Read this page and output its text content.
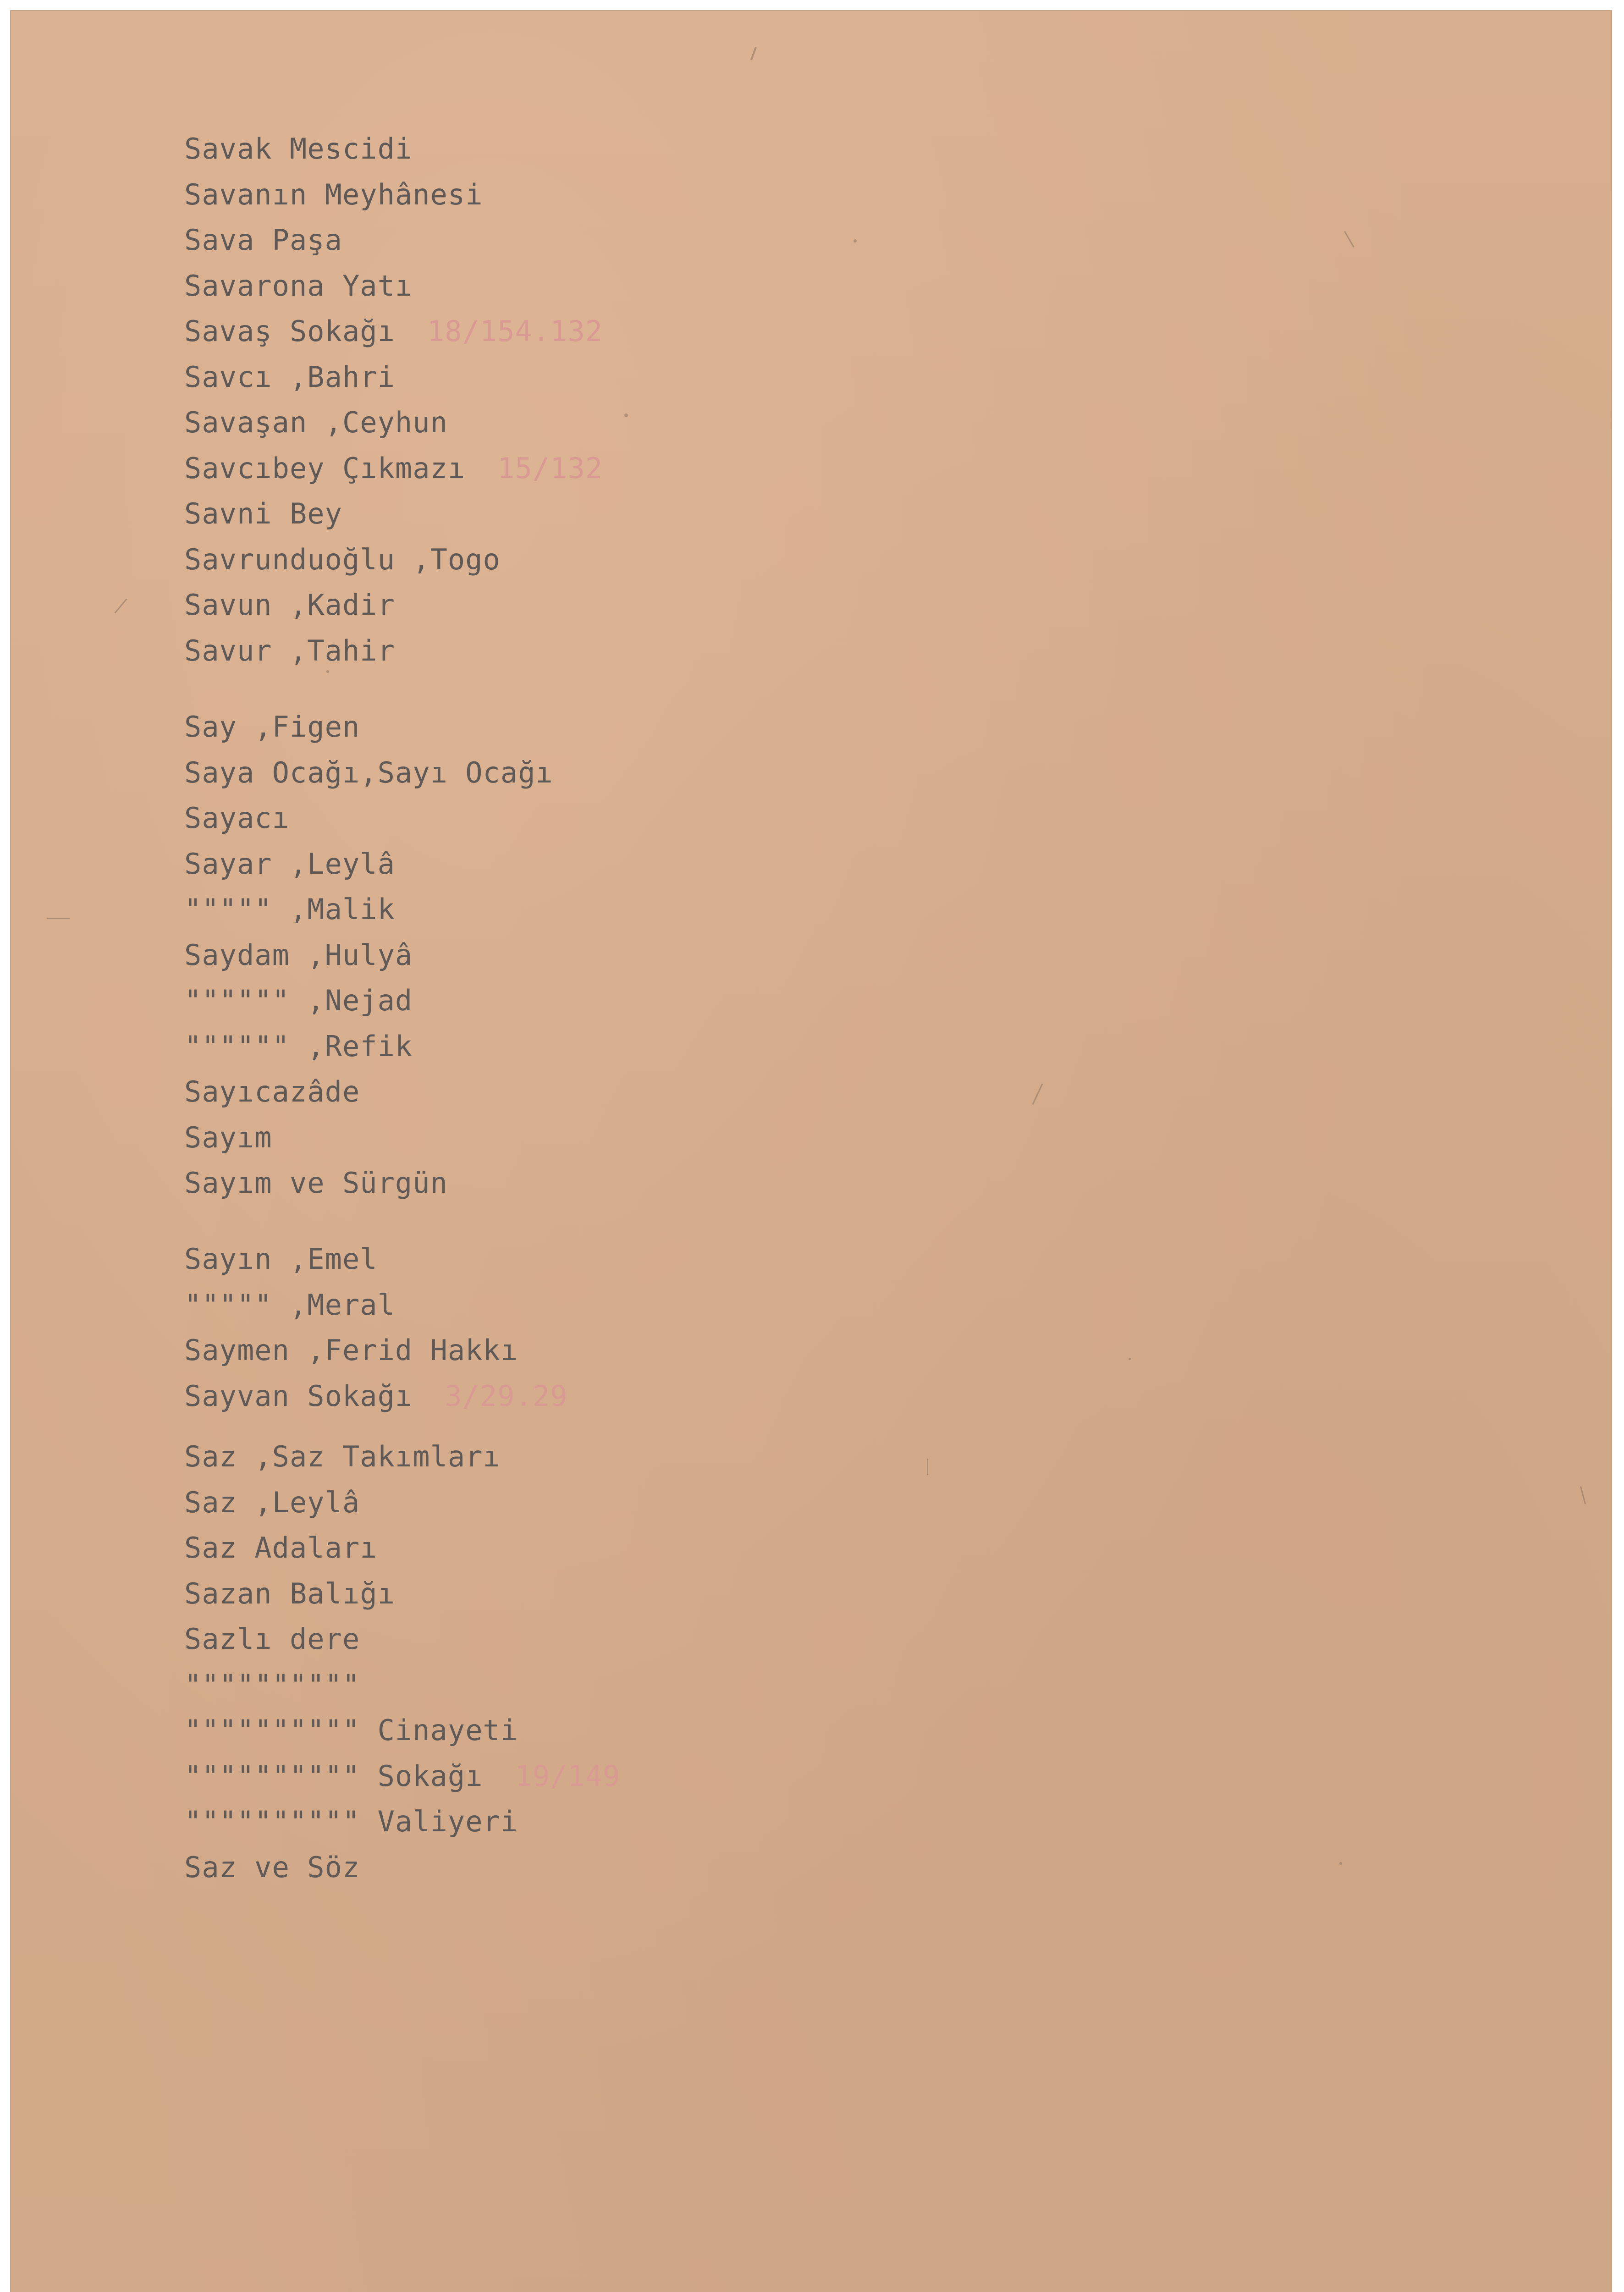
Savak Mescidi
Savanın Meyhânesi
Sava Paşa
Savarona Yatı
Savaş Sokağı 18/154.132
Savcı ,Bahri
Savaşan ,Ceyhun
Savcıbey Çıkmazı 15/132
Savni Bey
Savrunduoğlu ,Togo
Savun ,Kadir
Savur ,Tahir
Say ,Figen
Saya Ocağı,Sayı Ocağı
Sayacı
Sayar ,Leylâ
""""" ,Malik
Saydam ,Hulyâ
"""""" ,Nejad
"""""" ,Refik
Sayıcazâde
Sayım
Sayım ve Sürgün
Sayın ,Emel
""""" ,Meral
Saymen ,Ferid Hakkı
Sayvan Sokağı 3/29.29
Saz ,Saz Takımları
Saz ,Leylâ
Saz Adaları
Sazan Balığı
Sazlı dere
""""""""""
"""""""""" Cinayeti
"""""""""" Sokağı 19/149
"""""""""" Valiyeri
Saz ve Söz
